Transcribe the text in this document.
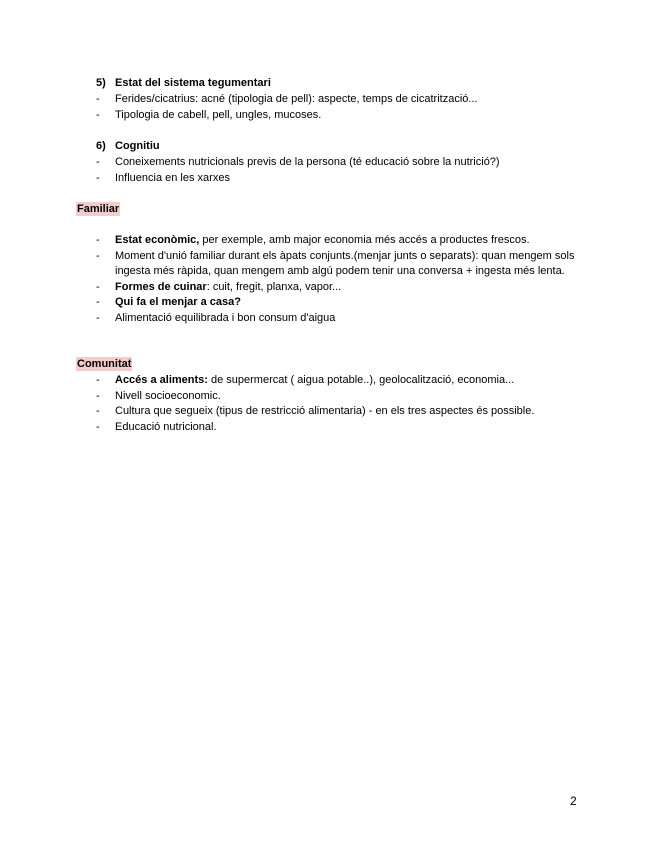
5) Estat del sistema tegumentari
- Ferides/cicatrius: acné (tipologia de pell): aspecte, temps de cicatrització...
- Tipologia de cabell, pell, ungles, mucoses.
6) Cognitiu
- Coneixements nutricionals previs de la persona (té educació sobre la nutrició?)
- Influencia en les xarxes
Familiar
- Estat econòmic, per exemple, amb major economia més accés a productes frescos.
- Moment d'unió familiar durant els àpats conjunts.(menjar junts o separats): quan mengem sols ingesta més ràpida, quan mengem amb algú podem tenir una conversa + ingesta més lenta.
- Formes de cuinar: cuit, fregit, planxa, vapor...
- Qui fa el menjar a casa?
- Alimentació equilibrada i bon consum d'aigua
Comunitat
- Accés a aliments: de supermercat ( aigua potable..), geolocalització, economia...
- Nivell socioeconomic.
- Cultura que segueix (tipus de restricció alimentaria) - en els tres aspectes és possible.
- Educació nutricional.
2
